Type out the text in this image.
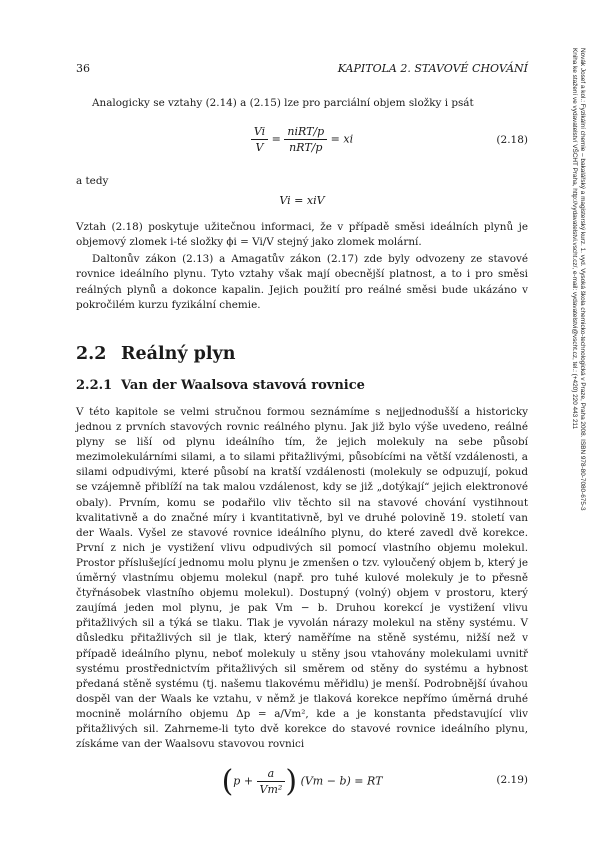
36	KAPITOLA 2. STAVOVÉ CHOVÁNÍ	Novák Josef a kol.: Fyzikální chemie – bakalářský a magisterský kurz. 1. vyd. Vysoká škola chemicko-technologická v Praze, Praha 2008. ISBN 978-80-7080-675-3
Kniha ke stažení ve vydavatelství VŠCHT Praha, http://vydavatelstvi.vscht.cz/, e-mail: vydavatelstvi@vscht.cz, tel.: (+420) 220 443 211

Analogicky se vztahy (2.14) a (2.15) lze pro parciální objem složky i psát

$\frac{Vi}{V} = \frac{\text{niRT/p}}{\text{nRT/p}}$ = xi	(2.18)

a tedy

Vi = xiV

Vztah (2.18) poskytuje užitečnou informaci, že v případě směsi ideálních plynů je objemový zlomek i-té složky ϕi = Vi/V stejný jako zlomek molární.

Daltonův zákon (2.13) a Amagatův zákon (2.17) zde byly odvozeny ze stavové rovnice ideálního plynu. Tyto vztahy však mají obecnější platnost, a to i pro směsi reálných plynů a dokonce kapalin. Jejich použití pro reálné směsi bude ukázáno v pokročilém kurzu fyzikální chemie.

2.2 Reálný plyn
2.2.1 Van der Waalsova stavová rovnice

V této kapitole se velmi stručnou formou seznámíme s nejjednodušší a historicky jednou z prvních stavových rovnic reálného plynu. Jak již bylo výše uvedeno, reálné plyny se liší od plynu ideálního tím, že jejich molekuly na sebe působí mezimolekulárními silami, a to silami přitažlivými, působícími na větší vzdálenosti, a silami odpudivými, které působí na kratší vzdálenosti (molekuly se odpuzují, pokud se vzájemně přiblíží na tak malou vzdálenost, kdy se již „dotýkají“ jejich elektronové obaly). Prvním, komu se podařilo vliv těchto sil na stavové chování vystihnout kvalitativně a do značné míry i kvantitativně, byl ve druhé polovině 19. století van der Waals. Vyšel ze stavové rovnice ideálního plynu, do které zavedl dvě korekce. První z nich je vystižení vlivu odpudivých sil pomocí vlastního objemu molekul. Prostor příslušející jednomu molu plynu je zmenšen o tzv. vyloučený objem b, který je úměrný vlastnímu objemu molekul (např. pro tuhé kulové molekuly je to přesně čtyřnásobek vlastního objemu molekul). Dostupný (volný) objem v prostoru, který zaujímá jeden mol plynu, je pak Vm − b. Druhou korekcí je vystižení vlivu přitažlivých sil a týká se tlaku. Tlak je vyvolán nárazy molekul na stěny systému. V důsledku přitažlivých sil je tlak, který naměříme na stěně systému, nižší než v případě ideálního plynu, neboť molekuly u stěny jsou vtahovány molekulami uvnitř systému prostřednictvím přitažlivých sil směrem od stěny do systému a hybnost předaná stěně systému (tj. našemu tlakovému měřidlu) je menší. Podrobnější úvahou dospěl van der Waals ke vztahu, v němž je tlaková korekce nepřímo úměrná druhé mocnině molárního objemu Δp = a/Vm², kde a je konstanta představující vliv přitažlivých sil. Zahrneme-li tyto dvě korekce do stavové rovnice ideálního plynu, získáme van der Waalsovu stavovou rovnici

($p + \frac{a}{\text{Vm²}}$ ) (Vm − b) = RT	(2.19)
